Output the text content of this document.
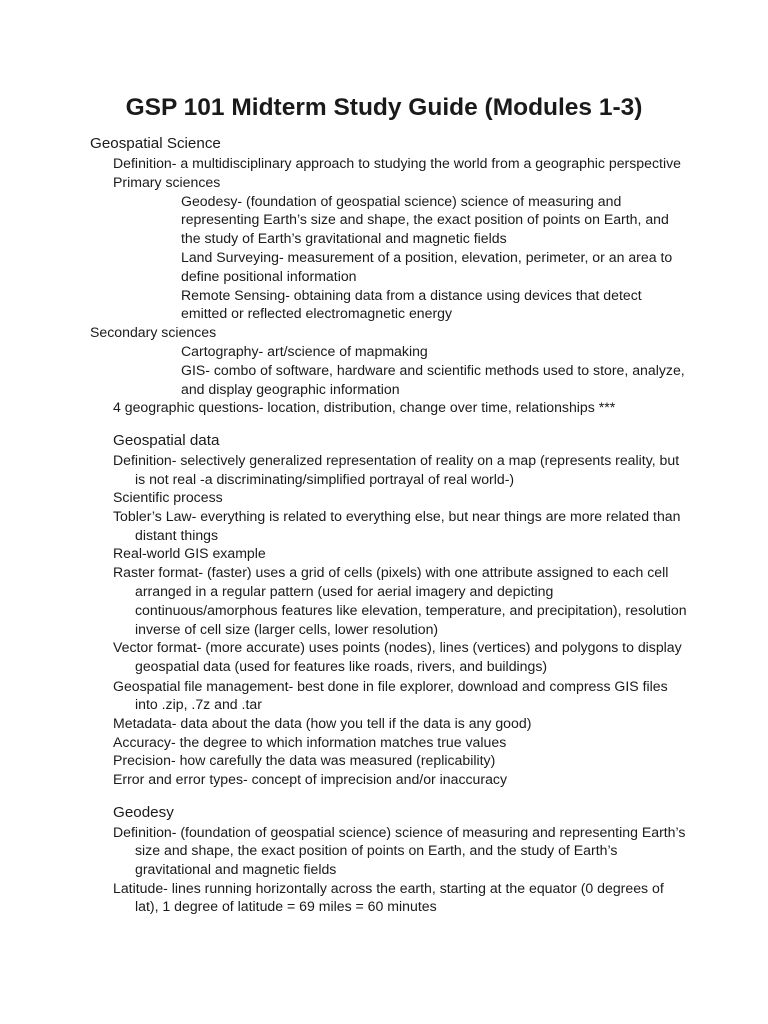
GSP 101 Midterm Study Guide (Modules 1-3)
Geospatial Science
Definition- a multidisciplinary approach to studying the world from a geographic perspective
Primary sciences
Geodesy- (foundation of geospatial science) science of measuring and
representing Earth’s size and shape, the exact position of points on Earth, and
the study of Earth’s gravitational and magnetic fields
Land Surveying- measurement of a position, elevation, perimeter, or an area to
define positional information
Remote Sensing- obtaining data from a distance using devices that detect
emitted or reflected electromagnetic energy
Secondary sciences
Cartography- art/science of mapmaking
GIS- combo of software, hardware and scientific methods used to store, analyze,
and display geographic information
4 geographic questions- location, distribution, change over time, relationships ***
Geospatial data
Definition- selectively generalized representation of reality on a map (represents reality, but
is not real -a discriminating/simplified portrayal of real world-)
Scientific process
Tobler’s Law- everything is related to everything else, but near things are more related than
distant things
Real-world GIS example
Raster format- (faster) uses a grid of cells (pixels) with one attribute assigned to each cell
arranged in a regular pattern (used for aerial imagery and depicting
continuous/amorphous features like elevation, temperature, and precipitation), resolution
inverse of cell size (larger cells, lower resolution)
Vector format- (more accurate) uses points (nodes), lines (vertices) and polygons to display
geospatial data (used for features like roads, rivers, and buildings)
Geospatial file management- best done in file explorer, download and compress GIS files
into .zip, .7z and .tar
Metadata- data about the data (how you tell if the data is any good)
Accuracy- the degree to which information matches true values
Precision- how carefully the data was measured (replicability)
Error and error types- concept of imprecision and/or inaccuracy
Geodesy
Definition- (foundation of geospatial science) science of measuring and representing Earth’s
size and shape, the exact position of points on Earth, and the study of Earth’s
gravitational and magnetic fields
Latitude- lines running horizontally across the earth, starting at the equator (0 degrees of
lat), 1 degree of latitude = 69 miles = 60 minutes
